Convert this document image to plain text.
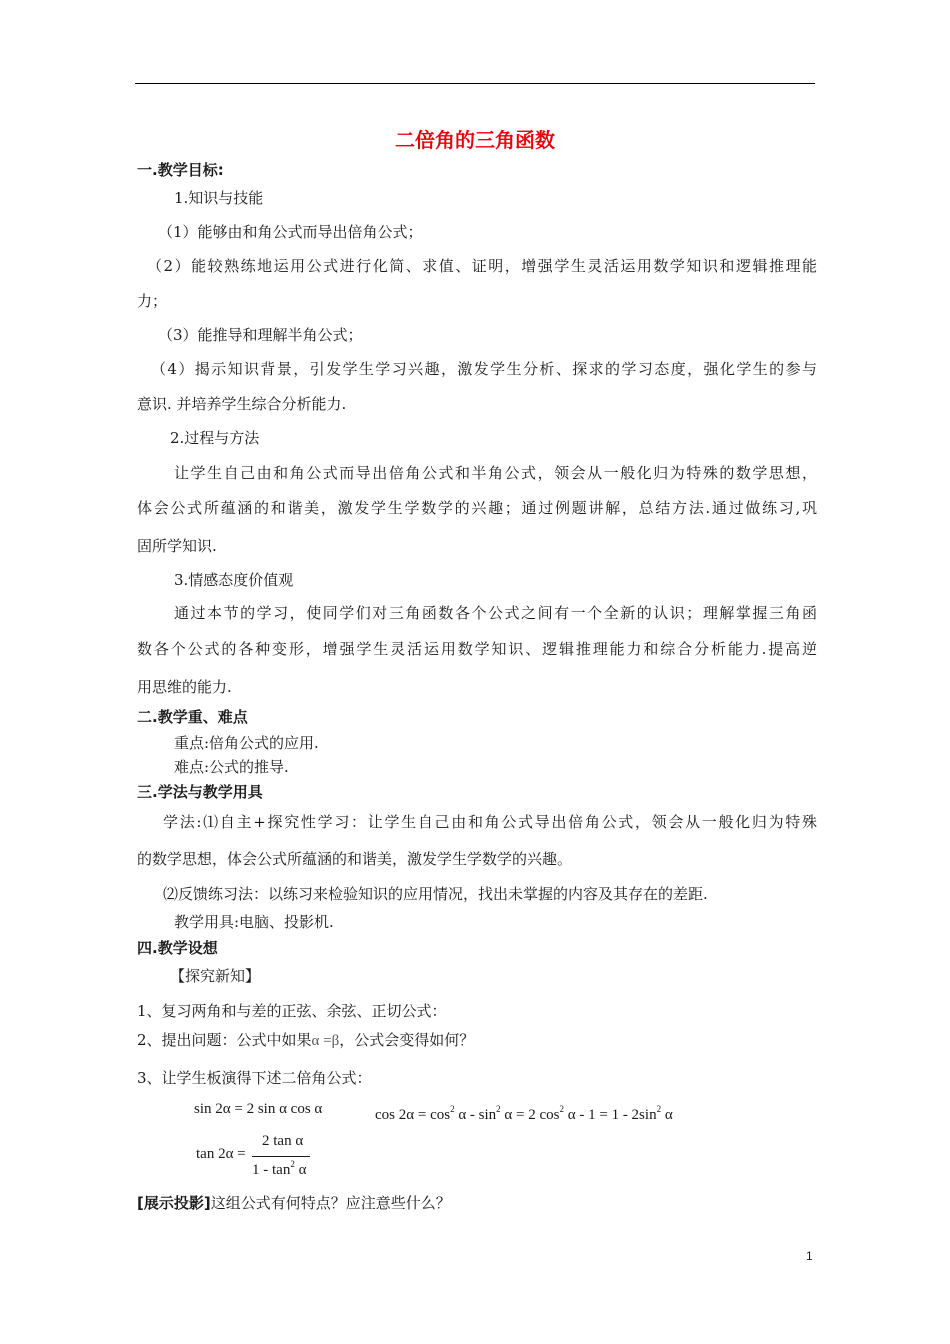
二倍角的三角函数
一.教学目标:
1.知识与技能
（1）能够由和角公式而导出倍角公式；
（2）能较熟练地运用公式进行化简、求值、证明，增强学生灵活运用数学知识和逻辑推理能
力；
（3）能推导和理解半角公式；
（4）揭示知识背景，引发学生学习兴趣，激发学生分析、探求的学习态度，强化学生的参与
意识. 并培养学生综合分析能力.
2.过程与方法
让学生自己由和角公式而导出倍角公式和半角公式，领会从一般化归为特殊的数学思想，
体会公式所蕴涵的和谐美，激发学生学数学的兴趣；通过例题讲解，总结方法.通过做练习,巩
固所学知识.
3.情感态度价值观
通过本节的学习，使同学们对三角函数各个公式之间有一个全新的认识；理解掌握三角函
数各个公式的各种变形，增强学生灵活运用数学知识、逻辑推理能力和综合分析能力.提高逆
用思维的能力.
二.教学重、难点
重点:倍角公式的应用.
难点:公式的推导.
三.学法与教学用具
学法:⑴自主+探究性学习：让学生自己由和角公式导出倍角公式，领会从一般化归为特殊
的数学思想，体会公式所蕴涵的和谐美，激发学生学数学的兴趣。
⑵反馈练习法：以练习来检验知识的应用情况，找出未掌握的内容及其存在的差距.
教学用具:电脑、投影机.
四.教学设想
【探究新知】
1、复习两角和与差的正弦、余弦、正切公式：
2、提出问题：公式中如果α =β，公式会变得如何？
3、让学生板演得下述二倍角公式：
sin 2α = 2 sin α cos α	$\cos 2\alpha = \cos^2 \alpha - \sin^2 \alpha = 2$ $\cos^2 \alpha - 1 = 1 - 2\sin^2$ α
tan 2α =
2 tan α
$1 - \tan^2 \alpha$
[展示投影]这组公式有何特点？应注意些什么？
1
